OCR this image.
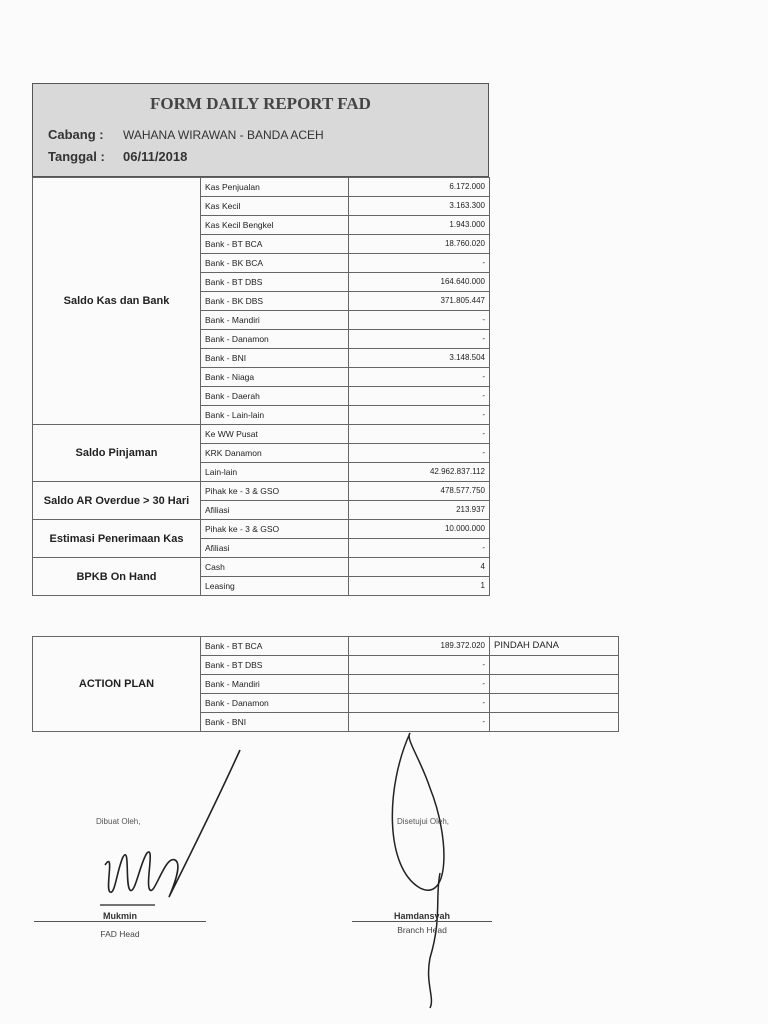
FORM DAILY REPORT FAD
Cabang : WAHANA WIRAWAN - BANDA ACEH
Tanggal : 06/11/2018
Saldo Kas dan Bank	Kas Penjualan	6.172.000
	Kas Kecil	3.163.300
	Kas Kecil Bengkel	1.943.000
	Bank - BT BCA	18.760.020
	Bank - BK BCA	-
	Bank - BT DBS	164.640.000
	Bank - BK DBS	371.805.447
	Bank - Mandiri	-
	Bank - Danamon	-
	Bank - BNI	3.148.504
	Bank - Niaga	-
	Bank - Daerah	-
	Bank - Lain-lain	-
Saldo Pinjaman	Ke WW Pusat	-
	KRK Danamon	-
	Lain-lain	42.962.837.112
Saldo AR Overdue > 30 Hari	Pihak ke - 3 & GSO	478.577.750
	Afiliasi	213.937
Estimasi Penerimaan Kas	Pihak ke - 3 & GSO	10.000.000
	Afiliasi	-
BPKB On Hand	Cash	4
	Leasing	1
ACTION PLAN	Bank - BT BCA	189.372.020	PINDAH DANA
	Bank - BT DBS	-	
	Bank - Mandiri	-	
	Bank - Danamon	-	
	Bank - BNI	-	
Dibuat Oleh,
Mukmin
FAD Head
Disetujui Oleh,
Hamdansyah
Branch Head
